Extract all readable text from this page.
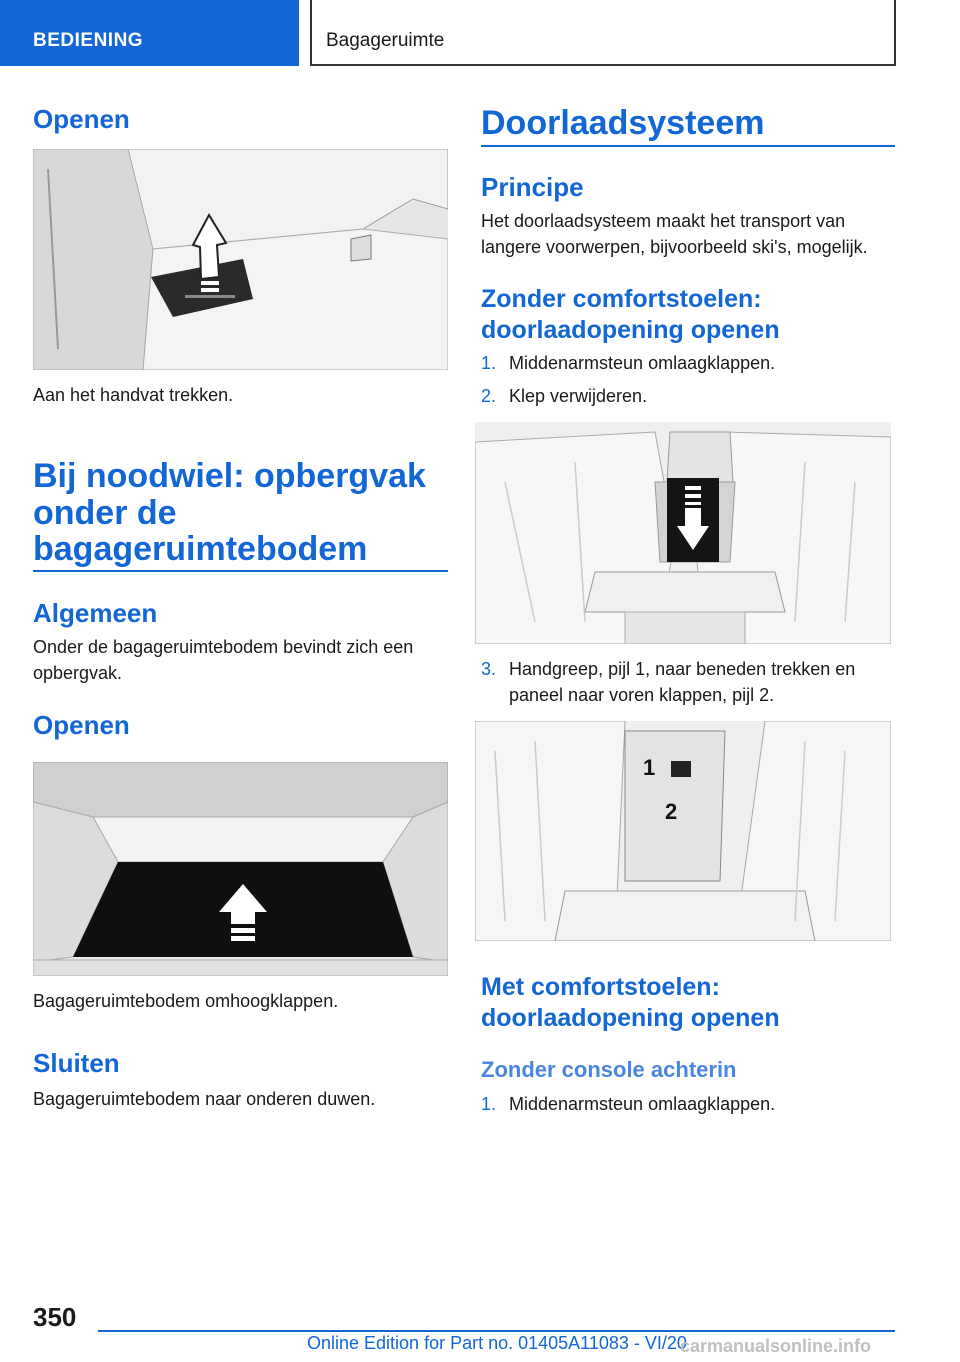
BEDIENING	Bagageruimte
Openen
Aan het handvat trekken.
Bij noodwiel: opbergvak
onder de
bagageruimtebodem
Algemeen
Onder de bagageruimtebodem bevindt zich een
opbergvak.
Openen
Bagageruimtebodem omhoogklappen.
Sluiten
Bagageruimtebodem naar onderen duwen.
Doorlaadsysteem
Principe
Het doorlaadsysteem maakt het transport van
langere voorwerpen, bijvoorbeeld ski's, mogelijk.
Zonder comfortstoelen:
doorlaadopening openen
1. Middenarmsteun omlaagklappen.
2. Klep verwijderen.
3. Handgreep, pijl 1, naar beneden trekken en
paneel naar voren klappen, pijl 2.
1
2
Met comfortstoelen:
doorlaadopening openen
Zonder console achterin
1. Middenarmsteun omlaagklappen.
350
Online Edition for Part no. 01405A11083 - VI/20
carmanualsonline.info
